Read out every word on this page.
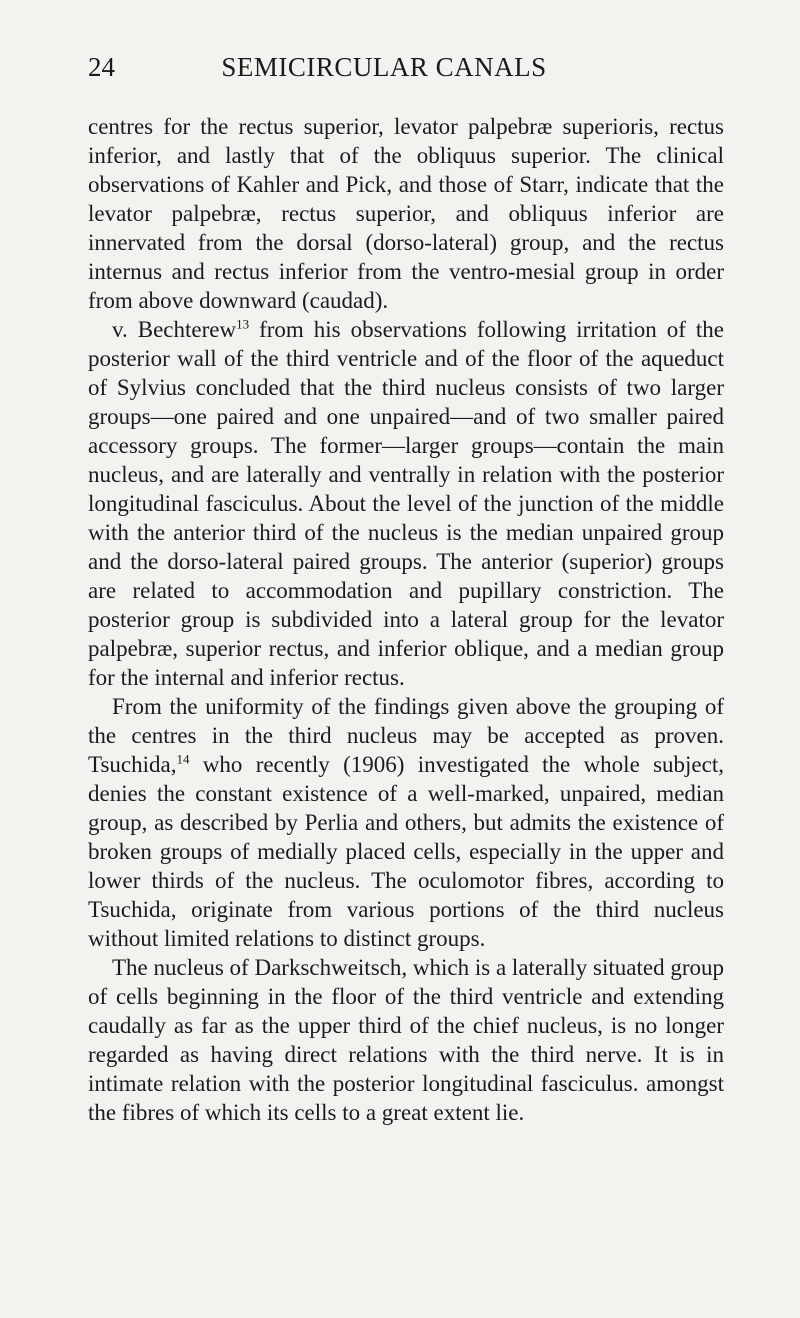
24	SEMICIRCULAR CANALS

centres for the rectus superior, levator palpebræ superioris, rectus inferior, and lastly that of the obliquus superior. The clinical observations of Kahler and Pick, and those of Starr, indicate that the levator palpebræ, rectus superior, and obliquus inferior are innervated from the dorsal (dorso-lateral) group, and the rectus internus and rectus inferior from the ventro-mesial group in order from above downward (caudad).

v. Bechterew$^{13}$ from his observations following irritation of the posterior wall of the third ventricle and of the floor of the aqueduct of Sylvius concluded that the third nucleus consists of two larger groups—one paired and one unpaired—and of two smaller paired accessory groups. The former—larger groups—contain the main nucleus, and are laterally and ventrally in relation with the posterior longitudinal fasciculus. About the level of the junction of the middle with the anterior third of the nucleus is the median unpaired group and the dorso-lateral paired groups. The anterior (superior) groups are related to accommodation and pupillary constriction. The posterior group is subdivided into a lateral group for the levator palpebræ, superior rectus, and inferior oblique, and a median group for the internal and inferior rectus.

From the uniformity of the findings given above the grouping of the centres in the third nucleus may be accepted as proven. Tsuchida,$^{14}$ who recently (1906) investigated the whole subject, denies the constant existence of a well-marked, unpaired, median group, as described by Perlia and others, but admits the existence of broken groups of medially placed cells, especially in the upper and lower thirds of the nucleus. The oculomotor fibres, according to Tsuchida, originate from various portions of the third nucleus without limited relations to distinct groups.

The nucleus of Darkschweitsch, which is a laterally situated group of cells beginning in the floor of the third ventricle and extending caudally as far as the upper third of the chief nucleus, is no longer regarded as having direct relations with the third nerve. It is in intimate relation with the posterior longitudinal fasciculus. amongst the fibres of which its cells to a great extent lie.
